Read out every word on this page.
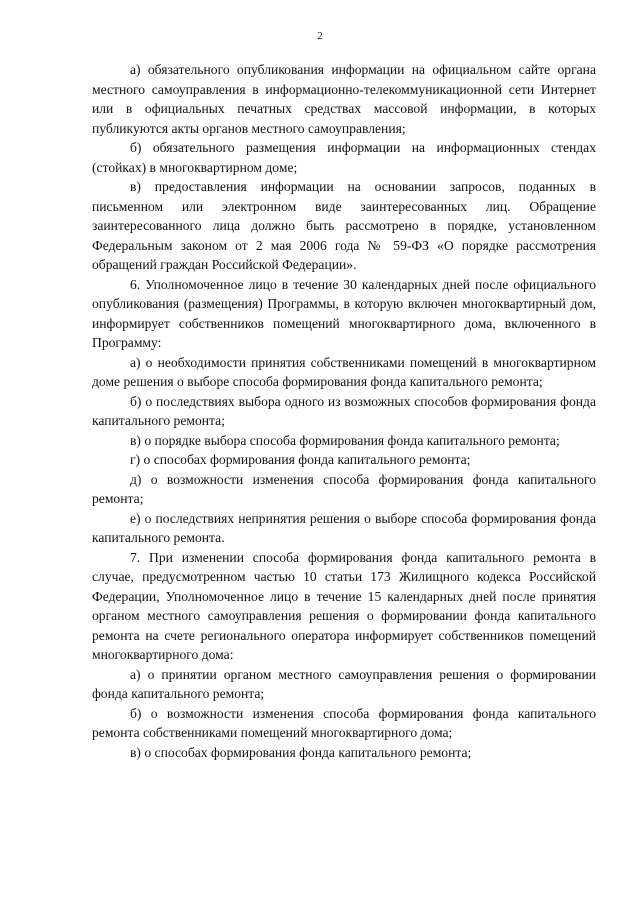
2

а) обязательного опубликования информации на официальном сайте органа местного самоуправления в информационно-телекоммуникационной сети Интернет или в официальных печатных средствах массовой информации, в которых публикуются акты органов местного самоуправления;

б) обязательного размещения информации на информационных стендах (стойках) в многоквартирном доме;

в) предоставления информации на основании запросов, поданных в письменном или электронном виде заинтересованных лиц. Обращение заинтересованного лица должно быть рассмотрено в порядке, установленном Федеральным законом от 2 мая 2006 года № 59-ФЗ «О порядке рассмотрения обращений граждан Российской Федерации».

6. Уполномоченное лицо в течение 30 календарных дней после официального опубликования (размещения) Программы, в которую включен многоквартирный дом, информирует собственников помещений многоквартирного дома, включенного в Программу:

а) о необходимости принятия собственниками помещений в многоквартирном доме решения о выборе способа формирования фонда капитального ремонта;

б) о последствиях выбора одного из возможных способов формирования фонда капитального ремонта;

в) о порядке выбора способа формирования фонда капитального ремонта;

г) о способах формирования фонда капитального ремонта;

д) о возможности изменения способа формирования фонда капитального ремонта;

е) о последствиях непринятия решения о выборе способа формирования фонда капитального ремонта.

7. При изменении способа формирования фонда капитального ремонта в случае, предусмотренном частью 10 статьи 173 Жилищного кодекса Российской Федерации, Уполномоченное лицо в течение 15 календарных дней после принятия органом местного самоуправления решения о формировании фонда капитального ремонта на счете регионального оператора информирует собственников помещений многоквартирного дома:

а) о принятии органом местного самоуправления решения о формировании фонда капитального ремонта;

б) о возможности изменения способа формирования фонда капитального ремонта собственниками помещений многоквартирного дома;

в) о способах формирования фонда капитального ремонта;
